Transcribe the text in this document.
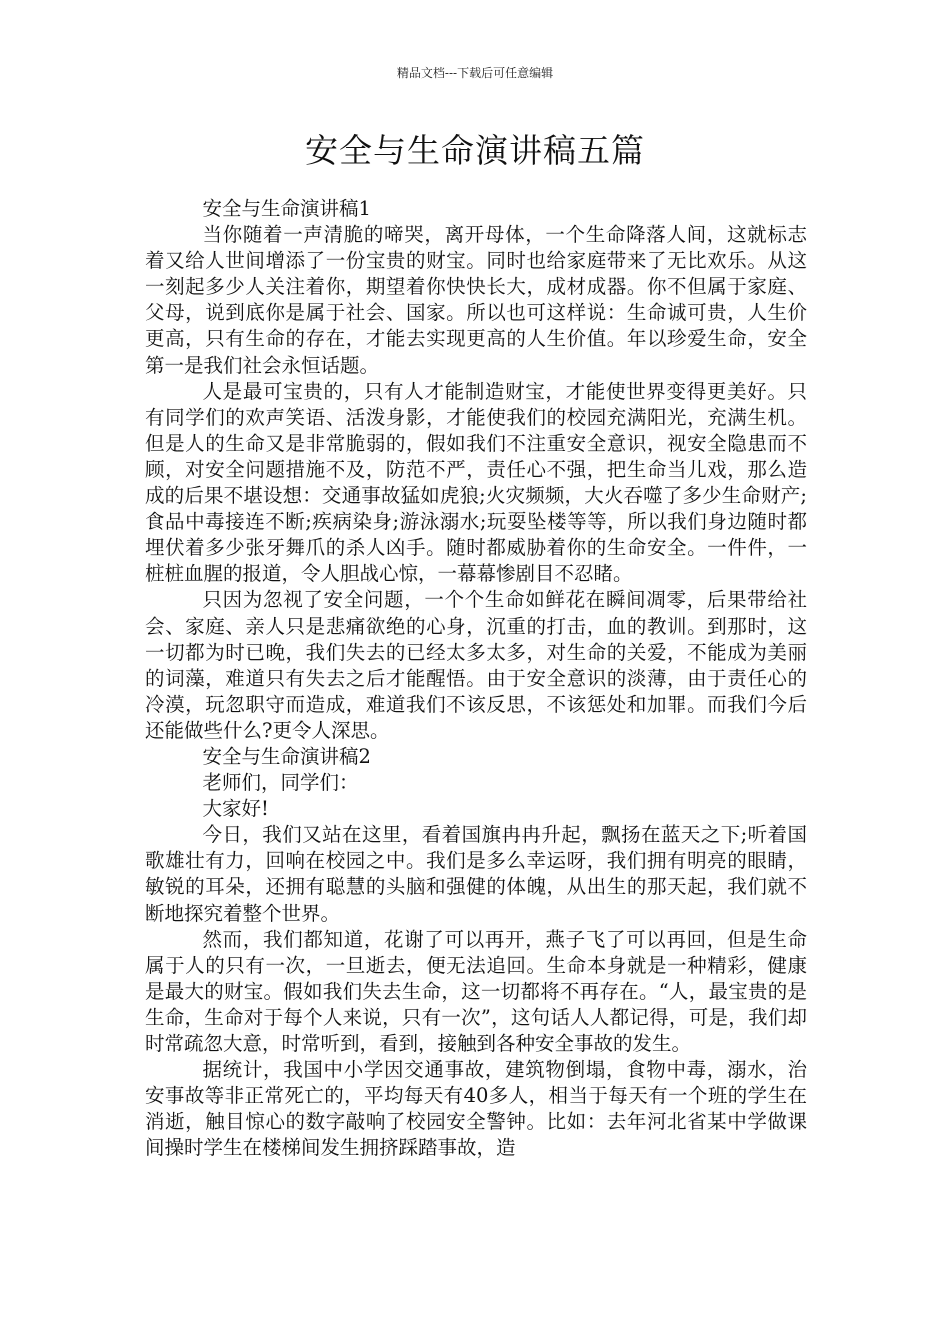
精品文档---下载后可任意编辑
安全与生命演讲稿五篇

安全与生命演讲稿1

当你随着一声清脆的啼哭，离开母体，一个生命降落人间，这就标志着又给人世间增添了一份宝贵的财宝。同时也给家庭带来了无比欢乐。从这一刻起多少人关注着你，期望着你快快长大，成材成器。你不但属于家庭、父母，说到底你是属于社会、国家。所以也可这样说：生命诚可贵，人生价更高，只有生命的存在，才能去实现更高的人生价值。年以珍爱生命，安全第一是我们社会永恒话题。

人是最可宝贵的，只有人才能制造财宝，才能使世界变得更美好。只有同学们的欢声笑语、活泼身影，才能使我们的校园充满阳光，充满生机。但是人的生命又是非常脆弱的，假如我们不注重安全意识，视安全隐患而不顾，对安全问题措施不及，防范不严，责任心不强，把生命当儿戏，那么造成的后果不堪设想：交通事故猛如虎狼;火灾频频，大火吞噬了多少生命财产;食品中毒接连不断;疾病染身;游泳溺水;玩耍坠楼等等，所以我们身边随时都埋伏着多少张牙舞爪的杀人凶手。随时都威胁着你的生命安全。一件件，一桩桩血腥的报道，令人胆战心惊，一幕幕惨剧目不忍睹。

只因为忽视了安全问题，一个个生命如鲜花在瞬间凋零，后果带给社会、家庭、亲人只是悲痛欲绝的心身，沉重的打击，血的教训。到那时，这一切都为时已晚，我们失去的已经太多太多，对生命的关爱，不能成为美丽的词藻，难道只有失去之后才能醒悟。由于安全意识的淡薄，由于责任心的冷漠，玩忽职守而造成，难道我们不该反思，不该惩处和加罪。而我们今后还能做些什么?更令人深思。

安全与生命演讲稿2

老师们，同学们：

大家好!

今日，我们又站在这里，看着国旗冉冉升起，飘扬在蓝天之下;听着国歌雄壮有力，回响在校园之中。我们是多么幸运呀，我们拥有明亮的眼睛，敏锐的耳朵，还拥有聪慧的头脑和强健的体魄，从出生的那天起，我们就不断地探究着整个世界。

然而，我们都知道，花谢了可以再开，燕子飞了可以再回，但是生命属于人的只有一次，一旦逝去，便无法追回。生命本身就是一种精彩，健康是最大的财宝。假如我们失去生命，这一切都将不再存在。“人，最宝贵的是生命，生命对于每个人来说，只有一次”，这句话人人都记得，可是，我们却时常疏忽大意，时常听到，看到，接触到各种安全事故的发生。

据统计，我国中小学因交通事故，建筑物倒塌，食物中毒，溺水，治安事故等非正常死亡的，平均每天有40多人，相当于每天有一个班的学生在消逝，触目惊心的数字敲响了校园安全警钟。比如：去年河北省某中学做课间操时学生在楼梯间发生拥挤踩踏事故，造
